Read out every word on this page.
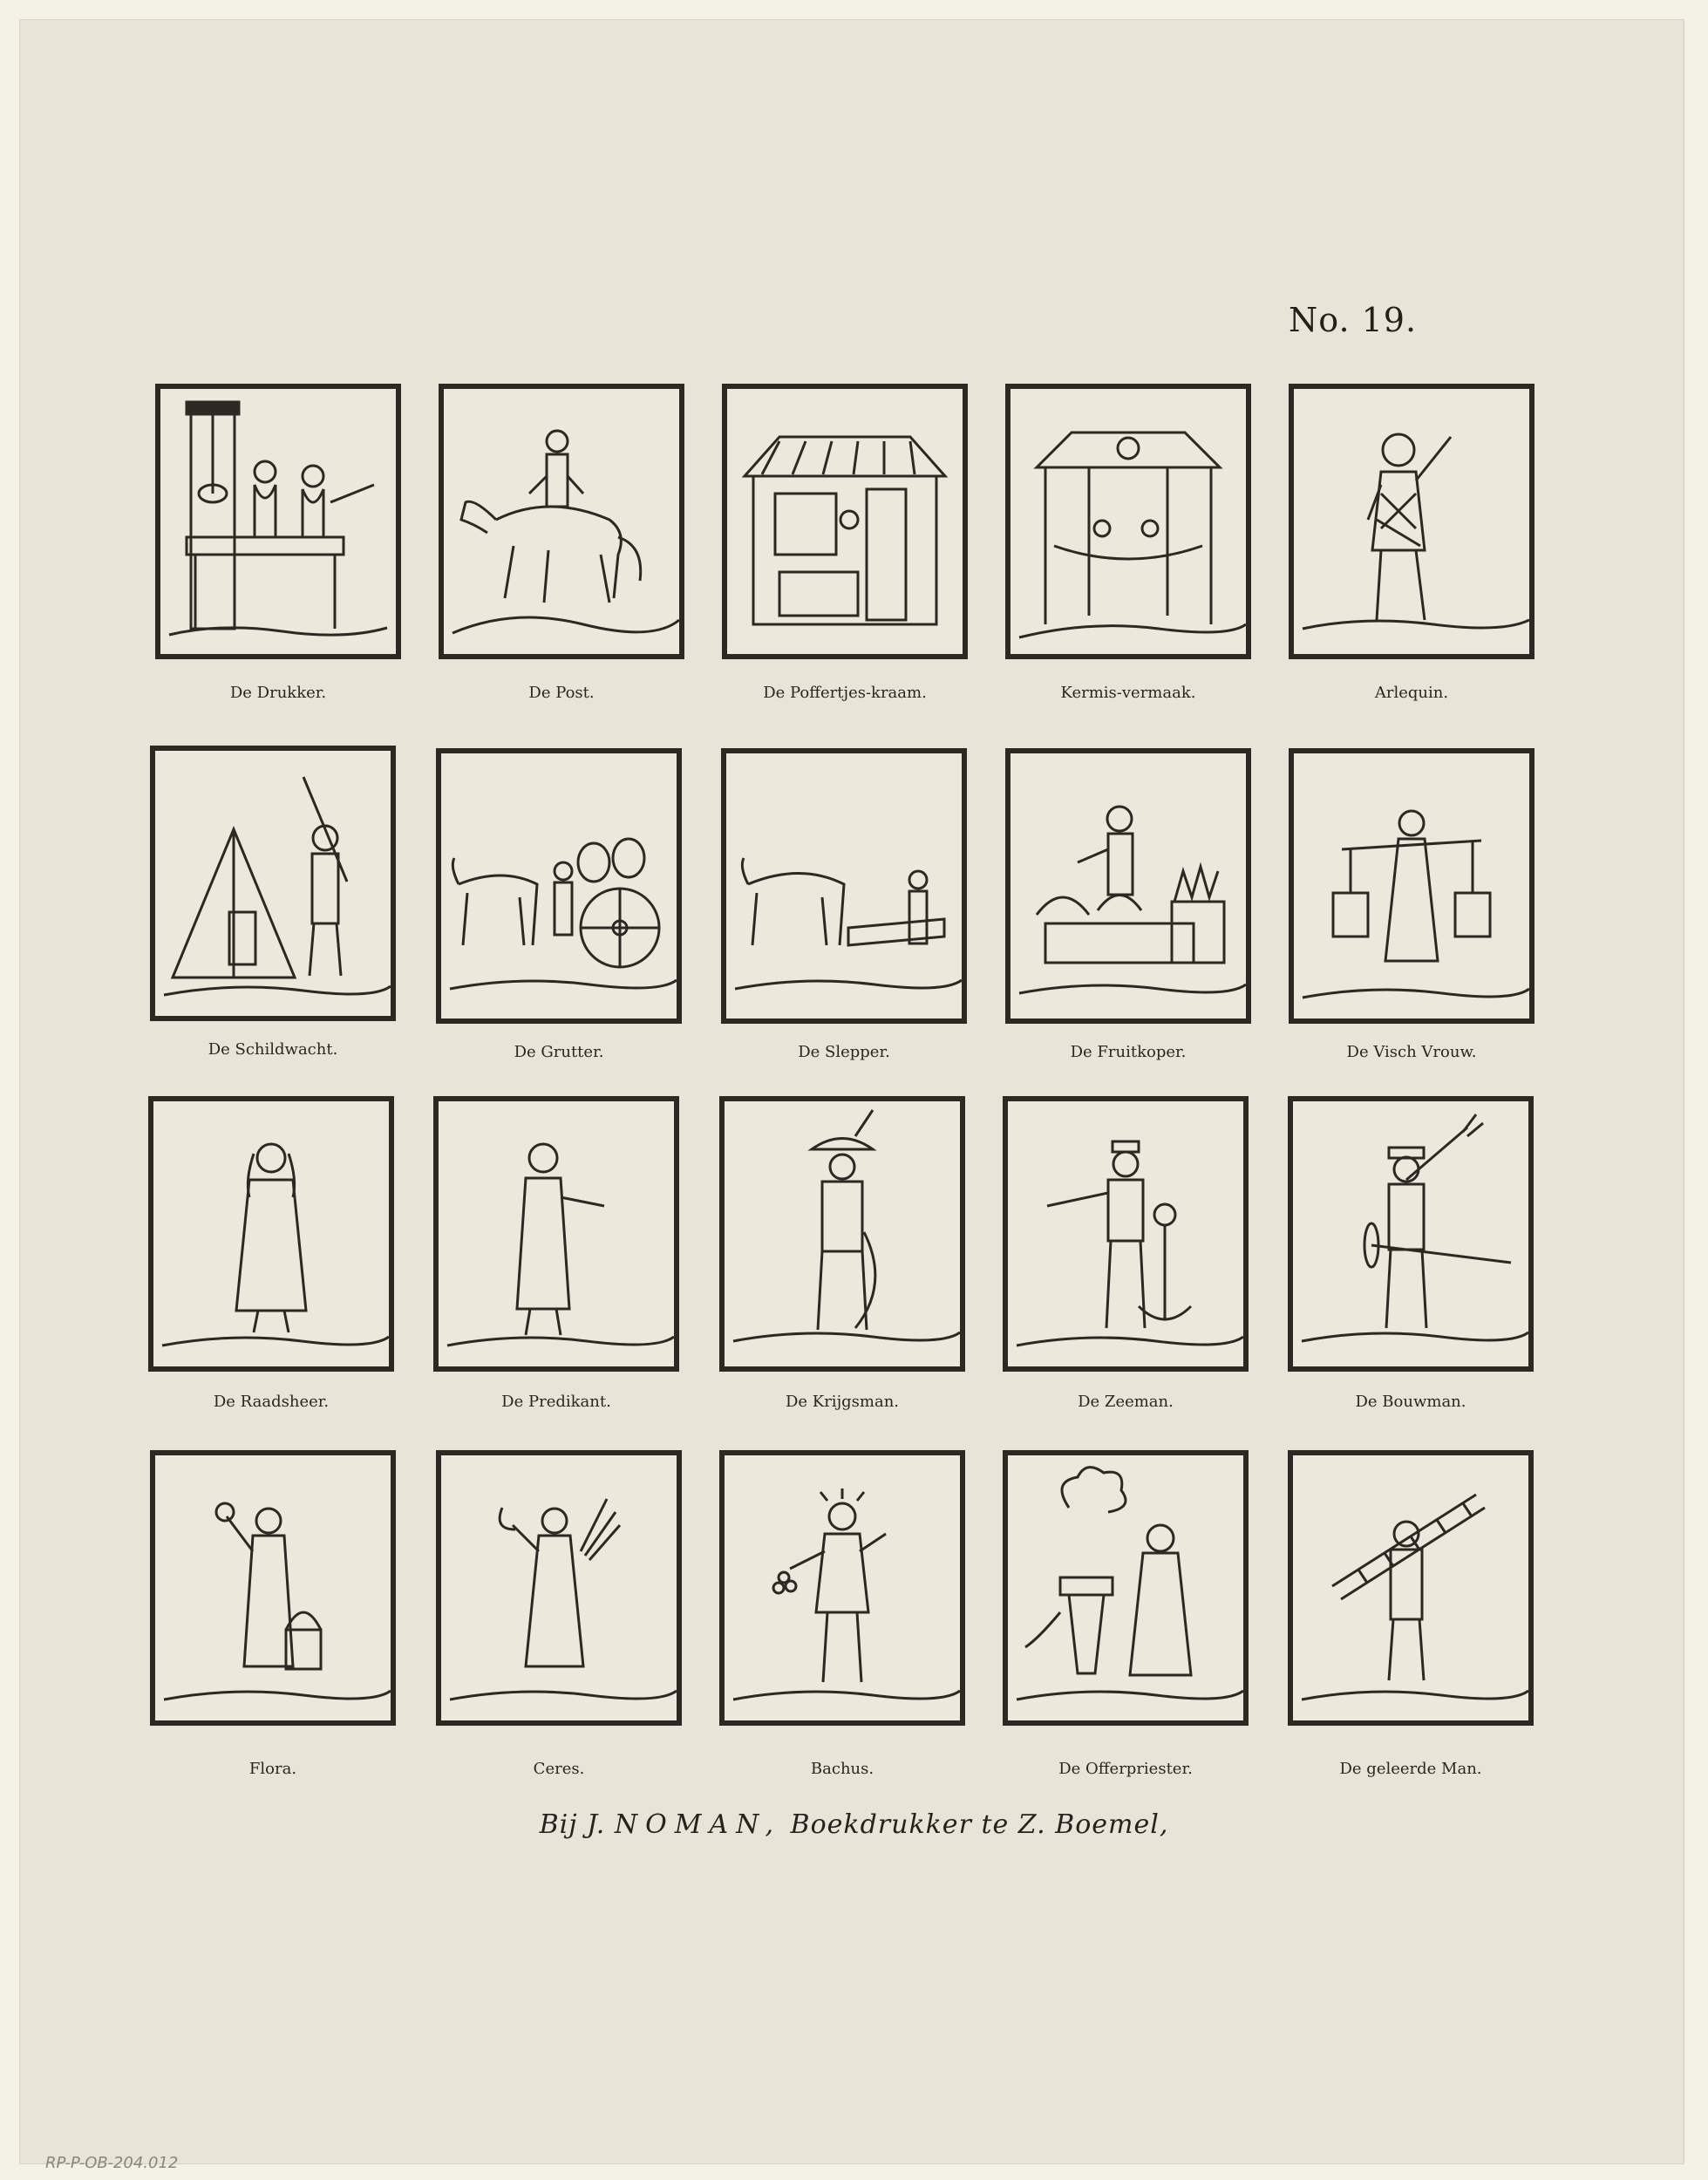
No. 19.
De Drukker.	De Post.	De Poffertjes-kraam.	Kermis-vermaak.	Arlequin.
De Schildwacht.	De Grutter.	De Slepper.	De Fruitkoper.	De Visch Vrouw.
De Raadsheer.	De Predikant.	De Krijgsman.	De Zeeman.	De Bouwman.
Flora.	Ceres.	Bachus.	De Offerpriester.	De geleerde Man.
Bij J. NOMAN, Boekdrukker te Z. Boemel,
RP-P-OB-204.012
